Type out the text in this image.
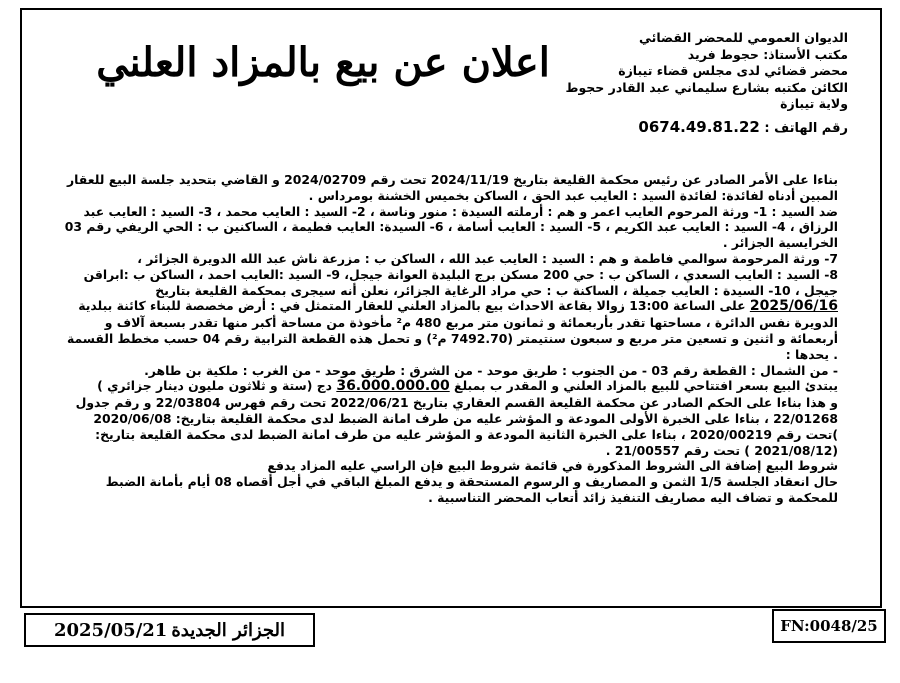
الديوان العمومي للمحضر القضائي
مكتب الأستاذ: حجوط فريد
محضر قضائي لدى مجلس قضاء تيبازة
الكائن مكتبه بشارع سليماني عبد القادر حجوط
ولاية تيبازة
رقم الهاتف : 0674.49.81.22
اعلان عن بيع بالمزاد العلني

بناءا على الأمر الصادر عن رئيس محكمة القليعة بتاريخ 2024/11/19 تحت رقم 2024/02709 و القاضي بتحديد جلسة البيع للعقار المبين أدناه لفائدة: لفائدة السيد : العايب عبد الحق ، الساكن بخميس الخشنة بومرداس .

ضد السيد : 1- ورثة المرحوم العايب اعمر و هم : أرملته السيدة : منور وناسة ، 2- السيد : العايب محمد ، 3- السيد : العايب عبد الرزاق ، 4- السيد : العايب عبد الكريم ، 5- السيد : العايب أسامة ، 6- السيدة: العايب فطيمة ، الساكنين ب : الحي الريفي رقم 03 الخرايسية الجزائر .

7- ورثة المرحومة سوالمي فاطمة و هم : السيد : العايب عبد الله ، الساكن ب : مزرعة ناش عبد الله الدويرة الجزائر ،

8- السيد : العايب السعدي ، الساكن ب : حي 200 مسكن برج البليدة العوانة جيجل، 9- السيد :العايب احمد ، الساكن ب :ابراقن جيجل ، 10- السيدة : العايب جميلة ، الساكنة ب : حي مراد الرغاية الجزائر، نعلن أنه سيجرى بمحكمة القليعة بتاريخ

2025/06/16 على الساعة 13:00 زوالا بقاعة الاحداث بيع بالمزاد العلني للعقار المتمثل في : أرض مخصصة للبناء كائنة ببلدية الدويرة نفس الدائرة ، مساحتها تقدر بأربعمائة و ثمانون متر مربع 480 م² مأخوذة من مساحة أكبر منها تقدر بسبعة آلاف و أربعمائة و اثنين و تسعين متر مربع و سبعون سنتيمتر (7492.70 م²) و تحمل هذه القطعة الترابية رقم 04 حسب مخطط القسمة . يحدها :

- من الشمال : القطعة رقم 03 - من الجنوب : طريق موحد - من الشرق : طريق موحد - من الغرب : ملكية بن طاهر.

يبتدئ البيع بسعر افتتاحي للبيع بالمزاد العلني و المقدر ب بمبلغ 36.000.000.00 دج (ستة و ثلاثون مليون دينار جزائري )

و هذا بناءا على الحكم الصادر عن محكمة القليعة القسم العقاري بتاريخ 2022/06/21 تحت رقم فهرس 22/03804 و رقم جدول 22/01268 ، بناءا على الخبرة الأولى المودعة و المؤشر عليه من طرف امانة الضبط لدى محكمة القليعة بتاريخ: 2020/06/08 )تحت رقم 2020/00219 ، بناءا على الخبرة الثانية المودعة و المؤشر عليه من طرف امانة الضبط لدى محكمة القليعة بتاريخ: (2021/08/12 ) تحت رقم 21/00557 .

شروط البيع إضافة الى الشروط المذكورة في قائمة شروط البيع فإن الراسي عليه المزاد يدفع

حال انعقاد الجلسة 1/5 الثمن و المصاريف و الرسوم المستحقة و يدفع المبلغ الباقي في أجل أقصاه 08 أيام بأمانة الضبط للمحكمة و تضاف اليه مصاريف التنفيذ زائد أتعاب المحضر التناسبية .

الجزائر الجديدة
2025/05/21	FN:0048/25
